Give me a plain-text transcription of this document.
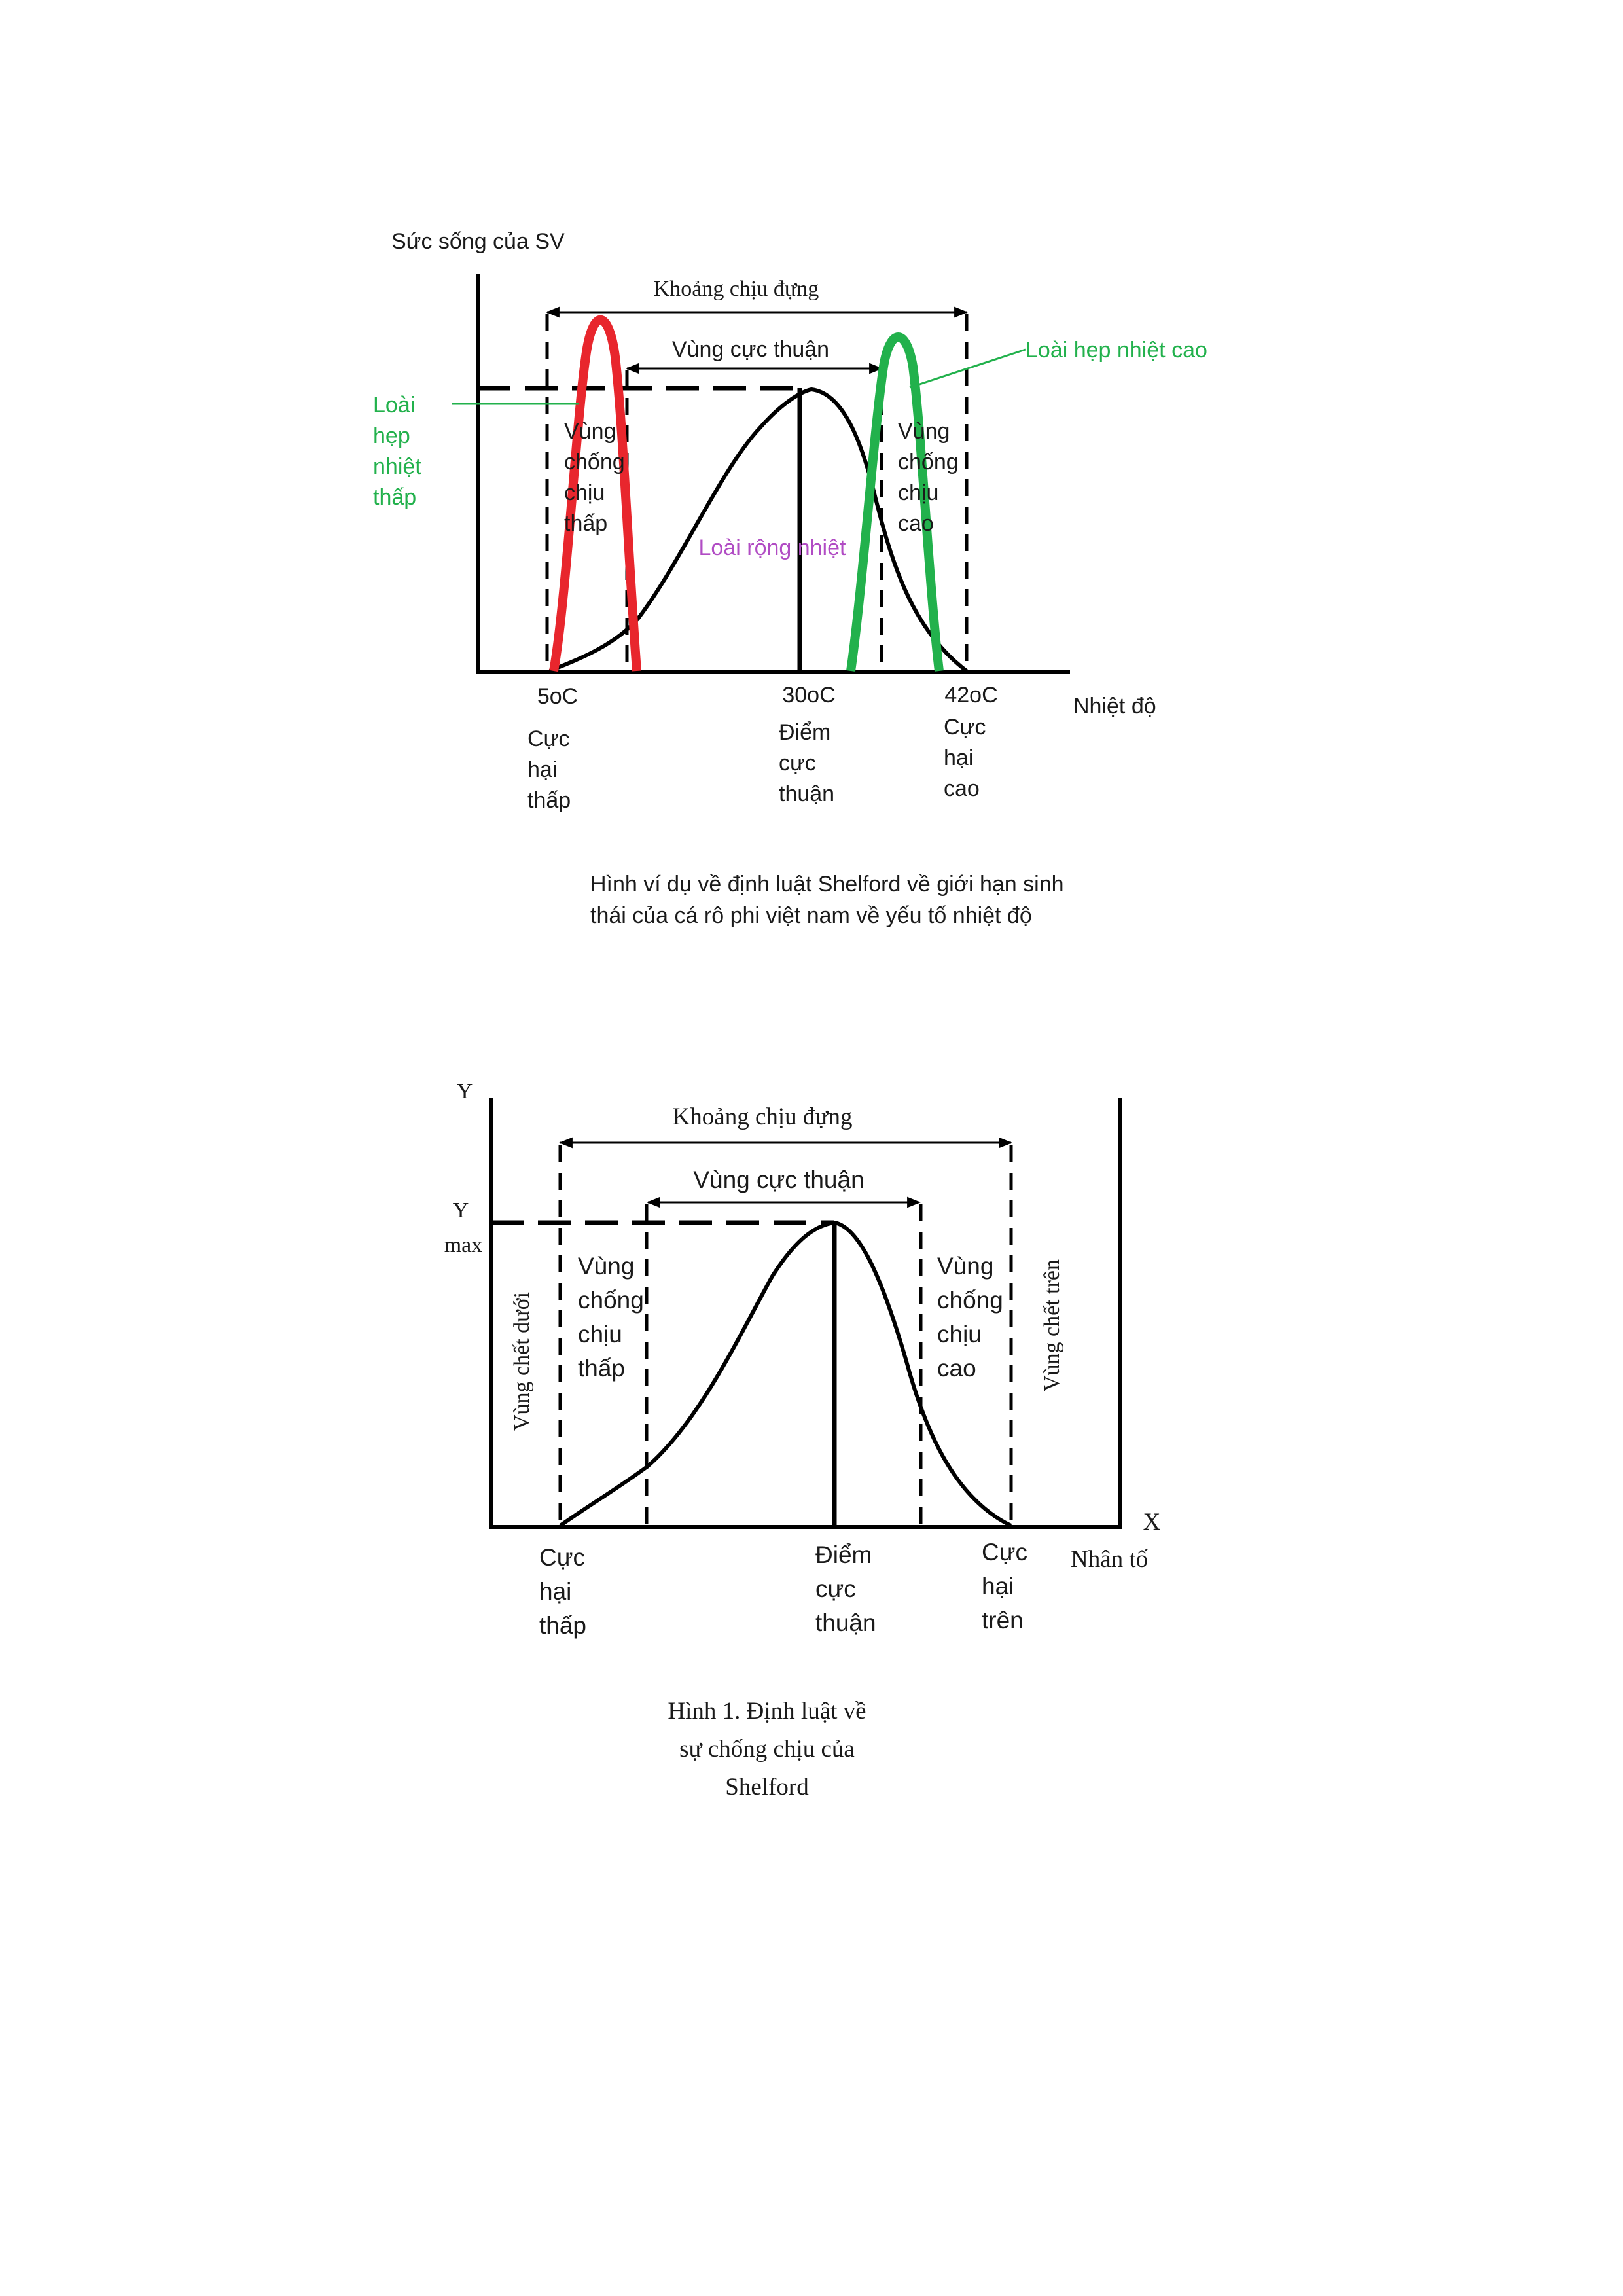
Sức sống của SV
Khoảng chịu đựng
Vùng cực thuận
Loài
hẹp
nhiệt
thấp
Loài hẹp nhiệt cao
Vùng
chống
chịu
thấp
Vùng
chống
chịu
cao
Loài rộng nhiệt
5oC	30oC	42oC	Nhiệt độ
Cực
hại
thấp
Điểm
cực
thuận
Cực
hại
cao
Hình ví dụ về định luật Shelford về giới hạn sinh
thái của cá rô phi việt nam về yếu tố nhiệt độ
Y
Y
max
Khoảng chịu đựng
Vùng cực thuận
Vùng
chống
chịu
thấp
Vùng
chống
chịu
cao
Vùng chết dưới	Vùng chết trên
X
Nhân tố
Cực
hại
thấp
Điểm
cực
thuận
Cực
hại
trên
Hình 1. Định luật về
sự chống chịu của
Shelford
